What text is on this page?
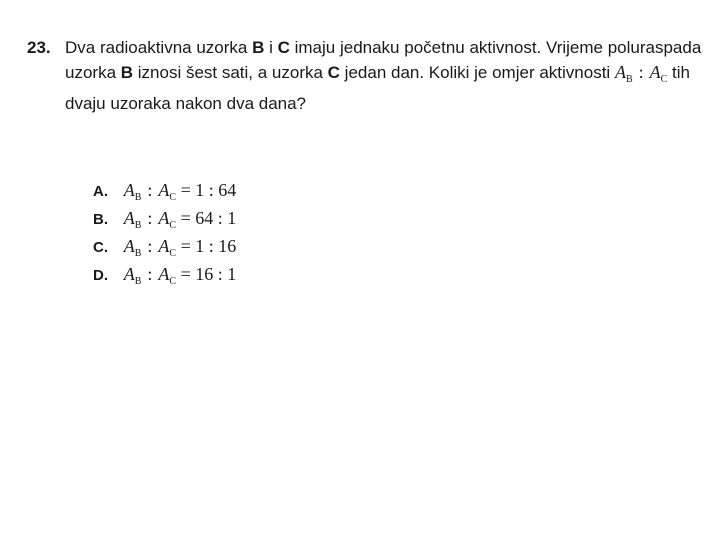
23. Dva radioaktivna uzorka B i C imaju jednaku početnu aktivnost. Vrijeme poluraspada uzorka B iznosi šest sati, a uzorka C jedan dan. Koliki je omjer aktivnosti $A_B$ : $A_C$ tih dvaju uzoraka nakon dva dana?
A. $A_B$ : $A_C = 1$ : 64
B. $A_B$ : $A_C = 64$ : 1
C. $A_B$ : $A_C = 1$ : 16
D. $A_B$ : $A_C = 16$ : 1
